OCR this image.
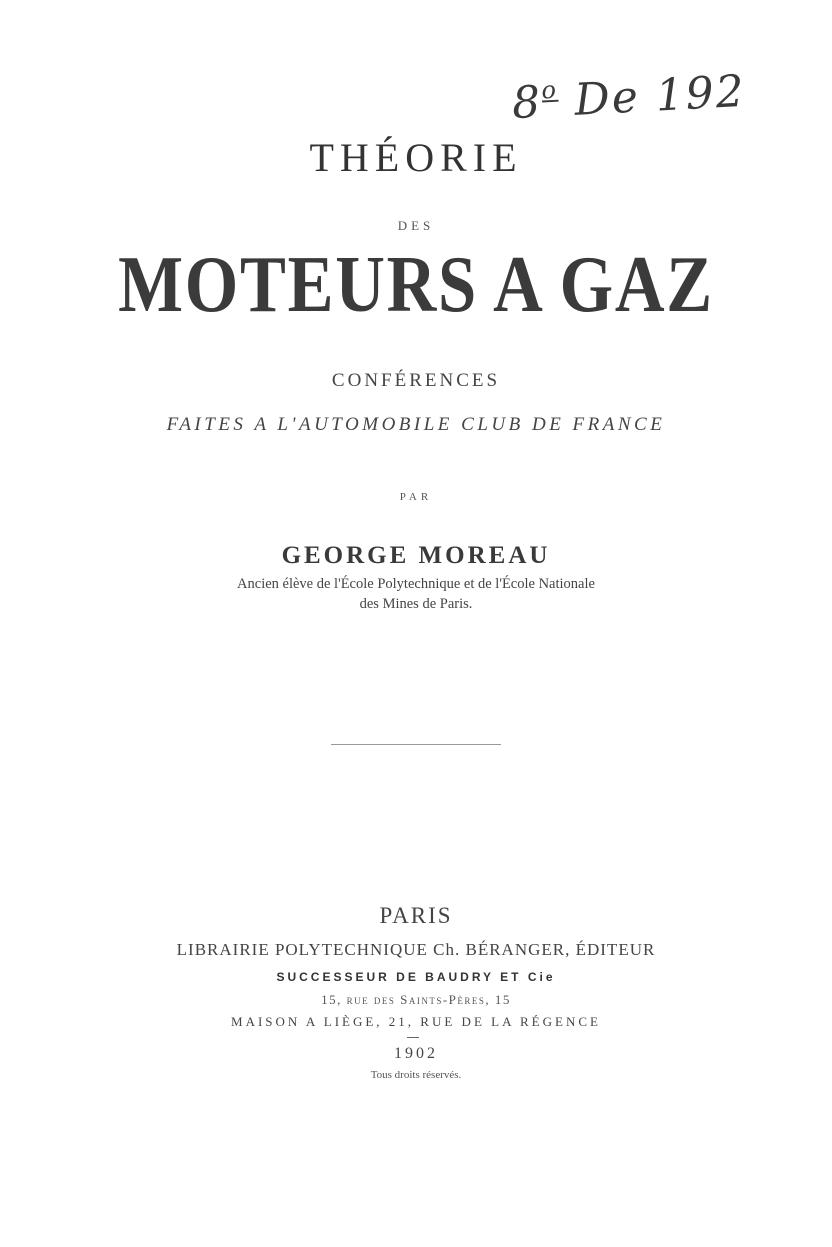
8$^o$ De 192
THÉORIE
DES
MOTEURS A GAZ
CONFÉRENCES
FAITES A L'AUTOMOBILE CLUB DE FRANCE
PAR
GEORGE MOREAU
Ancien élève de l'École Polytechnique et de l'École Nationale
des Mines de Paris.
PARIS
LIBRAIRIE POLYTECHNIQUE Ch. BÉRANGER, ÉDITEUR
SUCCESSEUR DE BAUDRY ET Cie
15, rue des Saints-Pères, 15
MAISON A LIÈGE, 21, RUE DE LA RÉGENCE
1902
Tous droits réservés.
